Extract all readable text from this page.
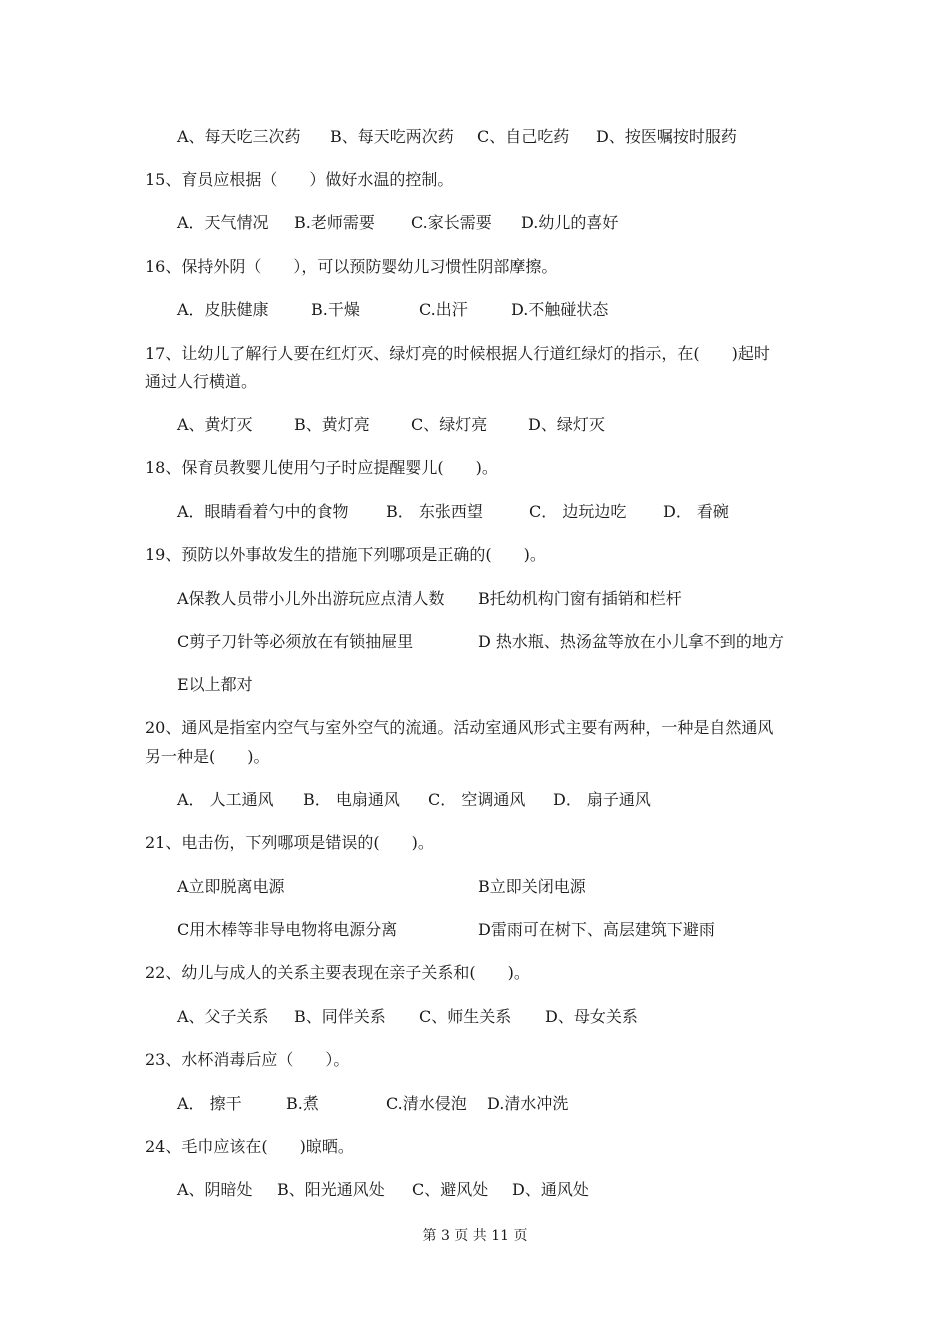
A、每天吃三次药 B、每天吃两次药 C、自己吃药 D、按医嘱按时服药
15、育员应根据（　　）做好水温的控制。
A．天气情况 B.老师需要 C.家长需要 D.幼儿的喜好
16、保持外阴（　　），可以预防婴幼儿习惯性阴部摩擦。
A．皮肤健康	B.干燥	C.出汗	D.不触碰状态
17、让幼儿了解行人要在红灯灭、绿灯亮的时候根据人行道红绿灯的指示，在(　　)起时
通过人行横道。
A、黄灯灭	B、黄灯亮	C、绿灯亮	D、绿灯灭
18、保育员教婴儿使用勺子时应提醒婴儿(　　)。
A．眼睛看着勺中的食物 B． 东张西望	C． 边玩边吃 D． 看碗
19、预防以外事故发生的措施下列哪项是正确的(　　)。
A保教人员带小儿外出游玩应点清人数 B托幼机构门窗有插销和栏杆
C剪子刀针等必须放在有锁抽屉里	D 热水瓶、热汤盆等放在小儿拿不到的地方
E以上都对
20、通风是指室内空气与室外空气的流通。活动室通风形式主要有两种，一种是自然通风
另一种是(　　)。
A． 人工通风 B． 电扇通风 C． 空调通风 D． 扇子通风
21、电击伤，下列哪项是错误的(　　)。
A立即脱离电源	B立即关闭电源
C用木棒等非导电物将电源分离	D雷雨可在树下、高层建筑下避雨
22、幼儿与成人的关系主要表现在亲子关系和(　　)。
A、父子关系 B、同伴关系 C、师生关系 D、母女关系
23、水杯消毒后应（　　）。
A． 擦干	B.煮	C.清水侵泡 D.清水冲洗
24、毛巾应该在(　　)晾晒。
A、阴暗处 B、阳光通风处 C、避风处 D、通风处
第 3 页 共 11 页
